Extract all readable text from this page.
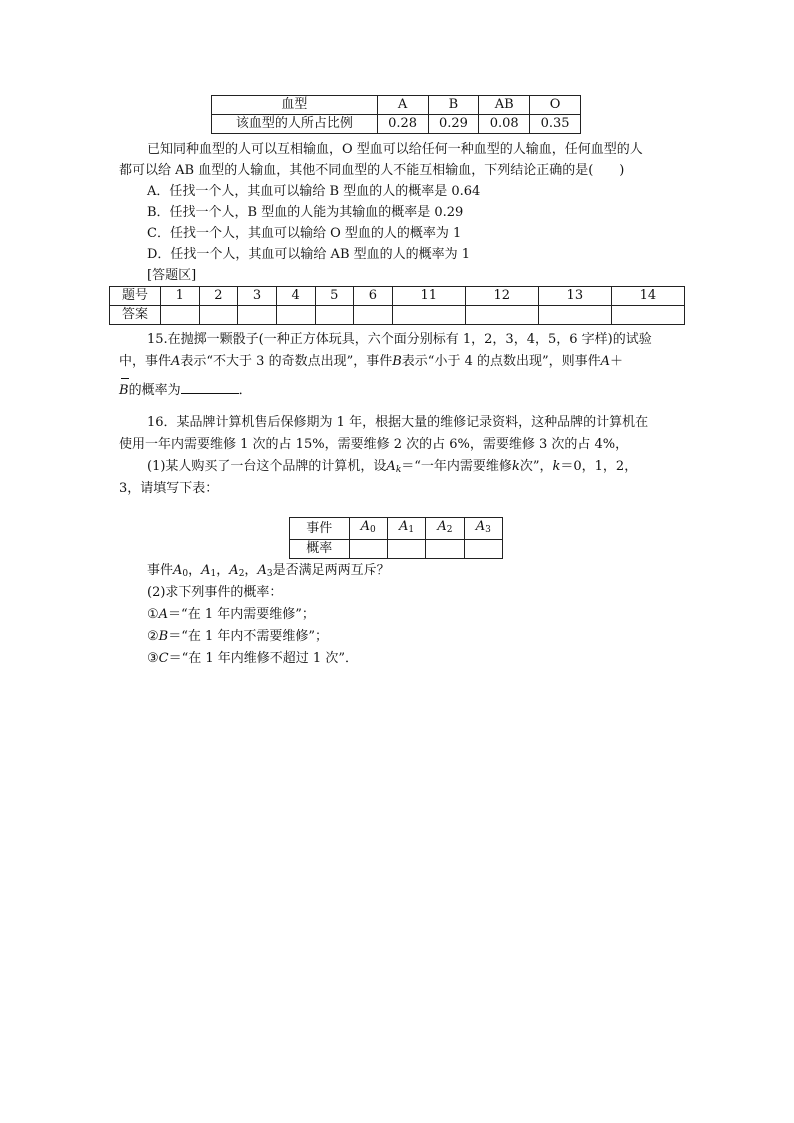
血型	A	B	AB	O
该血型的人所占比例	0.28	0.29	0.08	0.35
已知同种血型的人可以互相输血，O 型血可以给任何一种血型的人输血，任何血型的人
都可以给 AB 血型的人输血，其他不同血型的人不能互相输血，下列结论正确的是(　　)
A．任找一个人，其血可以输给 B 型血的人的概率是 0.64
B．任找一个人，B 型血的人能为其输血的概率是 0.29
C．任找一个人，其血可以输给 O 型血的人的概率为 1
D．任找一个人，其血可以输给 AB 型血的人的概率为 1
[答题区]
题号	1	2	3	4	5	6	11	12	13	14
答案										
15.在抛掷一颗骰子(一种正方体玩具，六个面分别标有 1，2，3，4，5，6 字样)的试验
中，事件A表示“不大于 3 的奇数点出现”，事件B表示“小于 4 的点数出现”，则事件A＋
B的概率为	．
16．某品牌计算机售后保修期为 1 年，根据大量的维修记录资料，这种品牌的计算机在
使用一年内需要维修 1 次的占 15%，需要维修 2 次的占 6%，需要维修 3 次的占 4%，
(1)某人购买了一台这个品牌的计算机，设$A_k=“$一年内需要维修k次”，k＝0，1，2，
3，请填写下表：
事件	$A_0$	$A_1$	$A_2$	$A_3$
概率				
事件$A_0$，$A_1$，$A_2$，$A_3$是否满足两两互斥？
(2)求下列事件的概率：
①A＝“在 1 年内需要维修”；
②B＝“在 1 年内不需要维修”；
③C＝“在 1 年内维修不超过 1 次”．
